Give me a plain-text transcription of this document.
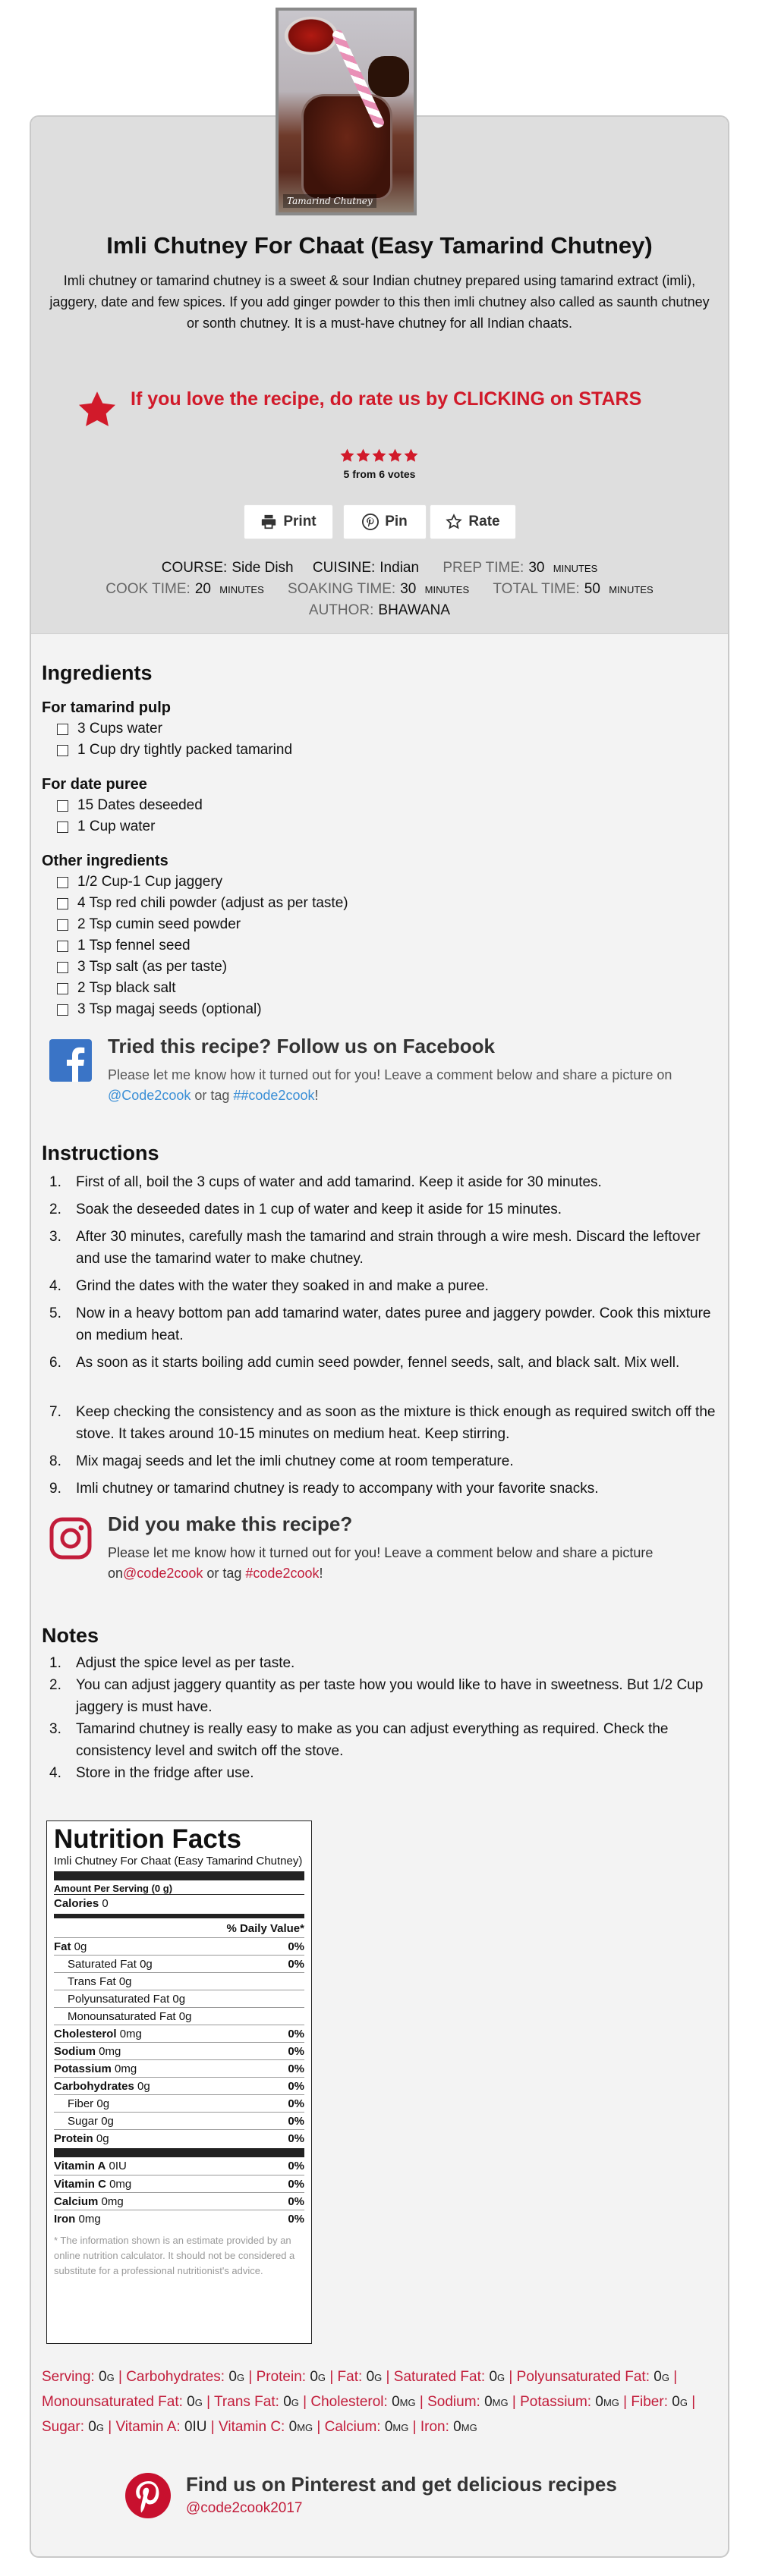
Tamarind Chutney
Imli Chutney For Chaat (Easy Tamarind Chutney)

Imli chutney or tamarind chutney is a sweet & sour Indian chutney prepared using tamarind extract (imli), jaggery, date and few spices. If you add ginger powder to this then imli chutney also called as saunth chutney or sonth chutney. It is a must-have chutney for all Indian chaats.

If you love the recipe, do rate us by CLICKING on STARS
5 from 6 votes
Print	Pin	Rate
COURSE: Side Dish CUISINE: Indian PREP TIME: 30 minutes
COOK TIME: 20 minutes SOAKING TIME: 30 minutes TOTAL TIME: 50 minutes
AUTHOR: BHAWANA
Ingredients
For tamarind pulp
3 Cups water
1 Cup dry tightly packed tamarind
For date puree
15 Dates deseeded
1 Cup water
Other ingredients
1/2 Cup-1 Cup jaggery
4 Tsp red chili powder (adjust as per taste)
2 Tsp cumin seed powder
1 Tsp fennel seed
3 Tsp salt (as per taste)
2 Tsp black salt
3 Tsp magaj seeds (optional)
Tried this recipe? Follow us on Facebook
Please let me know how it turned out for you! Leave a comment below and share a picture on @Code2cook or tag ##code2cook!
Instructions
1.	First of all, boil the 3 cups of water and add tamarind. Keep it aside for 30 minutes.
2.	Soak the deseeded dates in 1 cup of water and keep it aside for 15 minutes.
3.	After 30 minutes, carefully mash the tamarind and strain through a wire mesh. Discard the leftover and use the tamarind water to make chutney.
4.	Grind the dates with the water they soaked in and make a puree.
5.	Now in a heavy bottom pan add tamarind water, dates puree and jaggery powder. Cook this mixture on medium heat.
6.	As soon as it starts boiling add cumin seed powder, fennel seeds, salt, and black salt. Mix well.
7.	Keep checking the consistency and as soon as the mixture is thick enough as required switch off the stove. It takes around 10-15 minutes on medium heat. Keep stirring.
8.	Mix magaj seeds and let the imli chutney come at room temperature.
9.	Imli chutney or tamarind chutney is ready to accompany with your favorite snacks.
Did you make this recipe?
Please let me know how it turned out for you! Leave a comment below and share a picture on@code2cook or tag #code2cook!
Notes
1.	Adjust the spice level as per taste.
2.	You can adjust jaggery quantity as per taste how you would like to have in sweetness. But 1/2 Cup jaggery is must have.
3.	Tamarind chutney is really easy to make as you can adjust everything as required. Check the consistency level and switch off the stove.
4.	Store in the fridge after use.
Nutrition Facts
Imli Chutney For Chaat (Easy Tamarind Chutney)
Amount Per Serving (0 g)
Calories 0
% Daily Value*
Fat 0g	0%
Saturated Fat 0g	0%
Trans Fat 0g
Polyunsaturated Fat 0g
Monounsaturated Fat 0g
Cholesterol 0mg	0%
Sodium 0mg	0%
Potassium 0mg	0%
Carbohydrates 0g	0%
Fiber 0g	0%
Sugar 0g	0%
Protein 0g	0%
Vitamin A 0IU	0%
Vitamin C 0mg	0%
Calcium 0mg	0%
Iron 0mg	0%
* The information shown is an estimate provided by an online nutrition calculator. It should not be considered a substitute for a professional nutritionist's advice.
Serving: 0g | Carbohydrates: 0g | Protein: 0g | Fat: 0g | Saturated Fat: 0g | Polyunsaturated Fat: 0g | Monounsaturated Fat: 0g | Trans Fat: 0g | Cholesterol: 0mg | Sodium: 0mg | Potassium: 0mg | Fiber: 0g | Sugar: 0g | Vitamin A: 0IU | Vitamin C: 0mg | Calcium: 0mg | Iron: 0mg
Find us on Pinterest and get delicious recipes
@code2cook2017
